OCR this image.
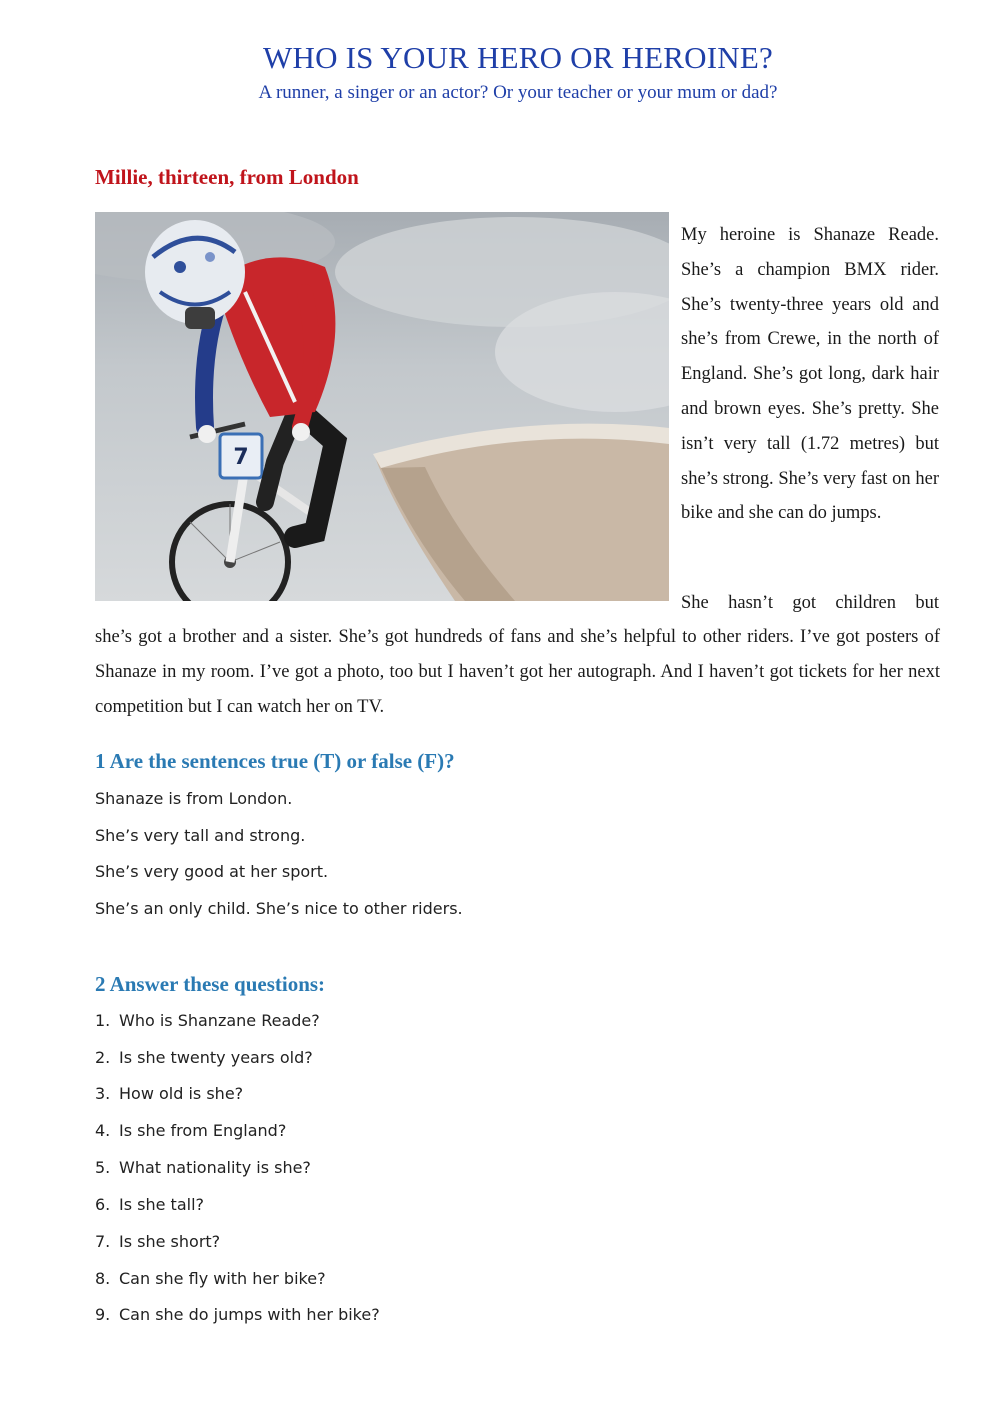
WHO IS YOUR HERO OR HEROINE?

A runner, a singer or an actor? Or your teacher or your mum or dad?

Millie, thirteen, from London

7

My heroine is Shanaze Reade. She’s a champion BMX rider. She’s twenty-three years old and she’s from Crewe, in the north of England. She’s got long, dark hair and brown eyes. She’s pretty. She isn’t very tall (1.72 metres) but she’s strong. She’s very fast on her bike and she can do jumps.

She hasn’t got children but

she’s got a brother and a sister. She’s got hundreds of fans and she’s helpful to other riders. I’ve got posters of Shanaze in my room. I’ve got a photo, too but I haven’t got her autograph. And I haven’t got tickets for her next competition but I can watch her on TV.

1 Are the sentences true (T) or false (F)?

Shanaze is from London.

She’s very tall and strong.

She’s very good at her sport.

She’s an only child. She’s nice to other riders.

2 Answer these questions:

1. Who is Shanzane Reade?

2. Is she twenty years old?

3. How old is she?

4. Is she from England?

5. What nationality is she?

6. Is she tall?

7. Is she short?

8. Can she fly with her bike?

9. Can she do jumps with her bike?
